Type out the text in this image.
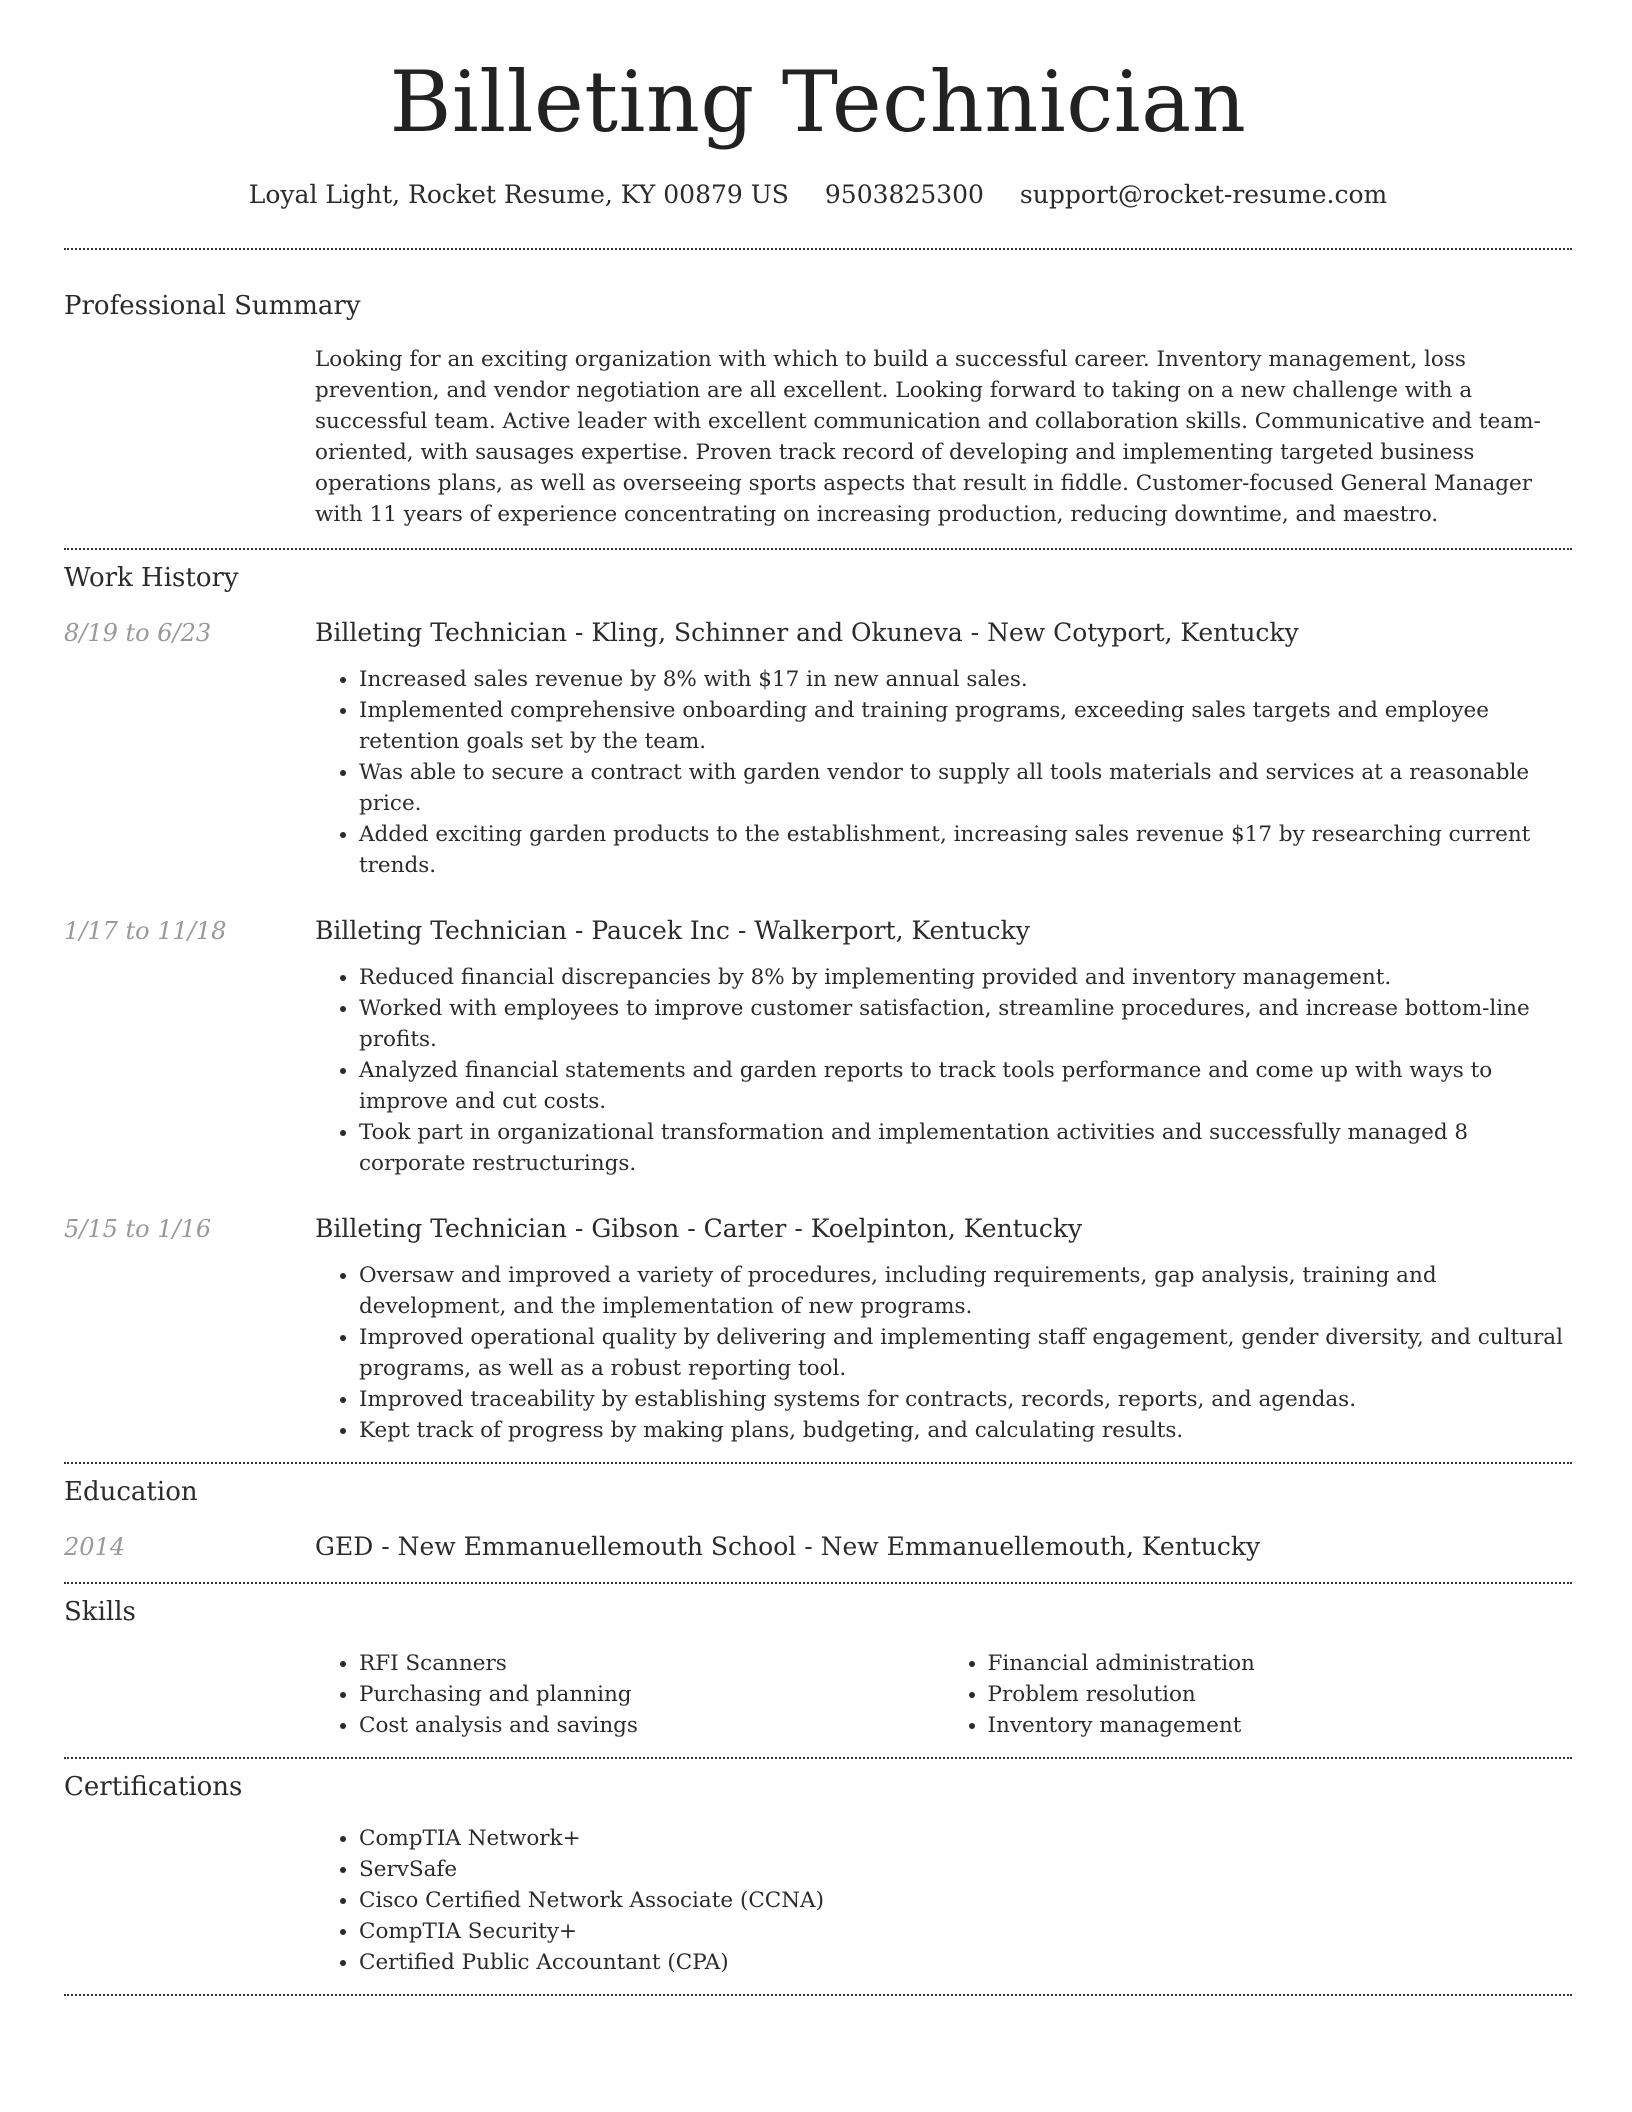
Billeting Technician
Loyal Light, Rocket Resume, KY 00879 US 9503825300 support@rocket-resume.com
Professional Summary
Looking for an exciting organization with which to build a successful career. Inventory management, loss prevention, and vendor negotiation are all excellent. Looking forward to taking on a new challenge with a successful team. Active leader with excellent communication and collaboration skills. Communicative and team-oriented, with sausages expertise. Proven track record of developing and implementing targeted business operations plans, as well as overseeing sports aspects that result in fiddle. Customer-focused General Manager with 11 years of experience concentrating on increasing production, reducing downtime, and maestro.
Work History
8/19 to 6/23	Billeting Technician - Kling, Schinner and Okuneva - New Cotyport, Kentucky
• Increased sales revenue by 8% with $17 in new annual sales.
• Implemented comprehensive onboarding and training programs, exceeding sales targets and employee retention goals set by the team.
• Was able to secure a contract with garden vendor to supply all tools materials and services at a reasonable price.
• Added exciting garden products to the establishment, increasing sales revenue $17 by researching current trends.
1/17 to 11/18	Billeting Technician - Paucek Inc - Walkerport, Kentucky
• Reduced financial discrepancies by 8% by implementing provided and inventory management.
• Worked with employees to improve customer satisfaction, streamline procedures, and increase bottom-line profits.
• Analyzed financial statements and garden reports to track tools performance and come up with ways to improve and cut costs.
• Took part in organizational transformation and implementation activities and successfully managed 8 corporate restructurings.
5/15 to 1/16	Billeting Technician - Gibson - Carter - Koelpinton, Kentucky
• Oversaw and improved a variety of procedures, including requirements, gap analysis, training and development, and the implementation of new programs.
• Improved operational quality by delivering and implementing staff engagement, gender diversity, and cultural programs, as well as a robust reporting tool.
• Improved traceability by establishing systems for contracts, records, reports, and agendas.
• Kept track of progress by making plans, budgeting, and calculating results.
Education
2014	GED - New Emmanuellemouth School - New Emmanuellemouth, Kentucky
Skills
• RFI Scanners
• Purchasing and planning
• Cost analysis and savings
• Financial administration
• Problem resolution
• Inventory management
Certifications
• CompTIA Network+
• ServSafe
• Cisco Certified Network Associate (CCNA)
• CompTIA Security+
• Certified Public Accountant (CPA)
